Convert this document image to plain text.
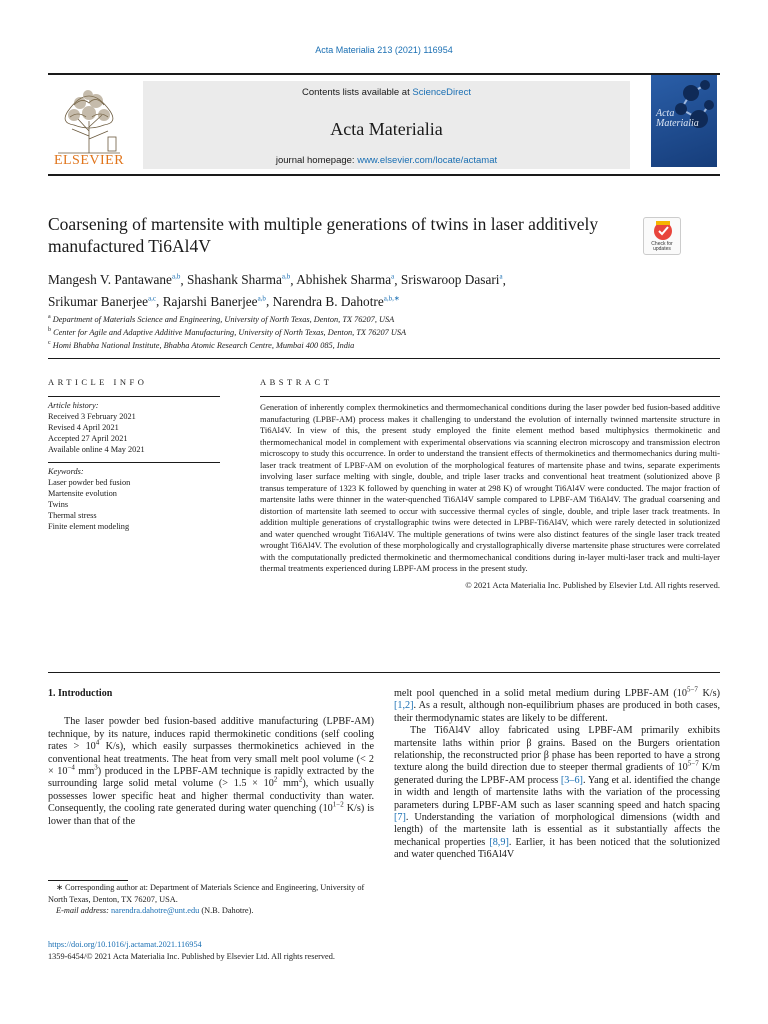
Acta Materialia 213 (2021) 116954
ELSEVIER
Contents lists available at ScienceDirect
Acta Materialia
journal homepage: www.elsevier.com/locate/actamat
Acta
Materialia
Coarsening of martensite with multiple generations of twins in laser additively manufactured Ti6Al4V	Check for updates
Mangesh V. Pantawane$^{a,b}$, Shashank Sharma$^{a,b}$, Abhishek Sharma$^a$, Sriswaroop Dasari$^a$,
Srikumar Banerjee$^{a,c}$, Rajarshi Banerjee$^{a,b}$, Narendra B. Dahotre$^{a,b,∗}$
$^a$ Department of Materials Science and Engineering, University of North Texas, Denton, TX 76207, USA
$^b$ Center for Agile and Adaptive Additive Manufacturing, University of North Texas, Denton, TX 76207 USA
$^c$ Homi Bhabha National Institute, Bhabha Atomic Research Centre, Mumbai 400 085, India
ARTICLE INFO	ABSTRACT
Article history:
Received 3 February 2021
Revised 4 April 2021
Accepted 27 April 2021
Available online 4 May 2021
Keywords:
Laser powder bed fusion
Martensite evolution
Twins
Thermal stress
Finite element modeling
Generation of inherently complex thermokinetics and thermomechanical conditions during the laser powder bed fusion-based additive manufacturing (LPBF-AM) process makes it challenging to understand the evolution of internally twinned martensite structure in Ti6Al4V. In view of this, the present study employed the finite element method based multiphysics thermokinetic and thermomechanical model in complement with experimental observations via scanning electron microscopy and transmission electron microscopy to study this occurrence. In order to understand the transient effects of thermokinetics and thermomechanics during multi-laser track treatment of LPBF-AM on evolution of the morphological features of martensite phase and twins, separate experiments involving laser surface melting with single, double, and triple laser tracks and conventional heat treatment (solutionized above β transus temperature of 1323 K followed by quenching in water at 298 K) of wrought Ti6Al4V were conducted. The major fraction of martensite laths were thinner in the water-quenched Ti6Al4V sample compared to LPBF-AM Ti6Al4V. The gradual coarsening and distortion of martensite lath seemed to occur with successive thermal cycles of single, double, and triple laser track treatments. In addition multiple generations of crystallographic twins were detected in LPBF-Ti6Al4V, which were rarely detected in solutionized and water quenched wrought Ti6Al4V. The multiple generations of twins were also distinct features of the single laser track treated wrought Ti6Al4V. The evolution of these morphologically and crystallographically diverse martensite phase structures were correlated with the computationally predicted thermokinetic and thermomechanical conditions during in-layer multi-laser track and multi-layer thermal treatments experienced during LBPF-AM process in the present study.
© 2021 Acta Materialia Inc. Published by Elsevier Ltd. All rights reserved.
1. Introduction

The laser powder bed fusion-based additive manufacturing (LPBF-AM) technique, by its nature, induces rapid thermokinetic conditions (self cooling rates > $10^4$ K/s), which easily surpasses thermokinetics achieved in the conventional heat treatments. The heat from very small melt pool volume (< $2 \times 10^{-4}$ $mm^3$) produced in the LPBF-AM technique is rapidly extracted by the surrounding large solid metal volume (> $1.5 \times 10^2$ $mm^2$), which usually possesses lower specific heat and higher thermal conductivity than water. Consequently, the cooling rate generated during water quenching ($10^{1-2}$ K/s) is lower than that of the

melt pool quenched in a solid metal medium during LPBF-AM ($10^{5-7}$ K/s) [1,2]. As a result, although non-equilibrium phases are produced in both cases, their thermodynamic states are likely to be different.

The Ti6Al4V alloy fabricated using LPBF-AM primarily exhibits martensite laths within prior β grains. Based on the Burgers orientation relationship, the reconstructed prior β phase has been reported to have a strong texture along the build direction due to steeper thermal gradients of $10^{5-7}$ K/m generated during the LPBF-AM process [3–6]. Yang et al. identified the change in width and length of martensite laths with the variation of the processing parameters during LPBF-AM such as laser scanning speed and hatch spacing [7]. Understanding the variation of morphological dimensions (width and length) of the martensite lath is essential as it substantially affects the mechanical properties [8,9]. Earlier, it has been noticed that the solutionized and water quenched Ti6Al4V

∗ Corresponding author at: Department of Materials Science and Engineering, University of North Texas, Denton, TX 76207, USA.
E-mail address: narendra.dahotre@unt.edu (N.B. Dahotre).
https://doi.org/10.1016/j.actamat.2021.116954
1359-6454/© 2021 Acta Materialia Inc. Published by Elsevier Ltd. All rights reserved.
